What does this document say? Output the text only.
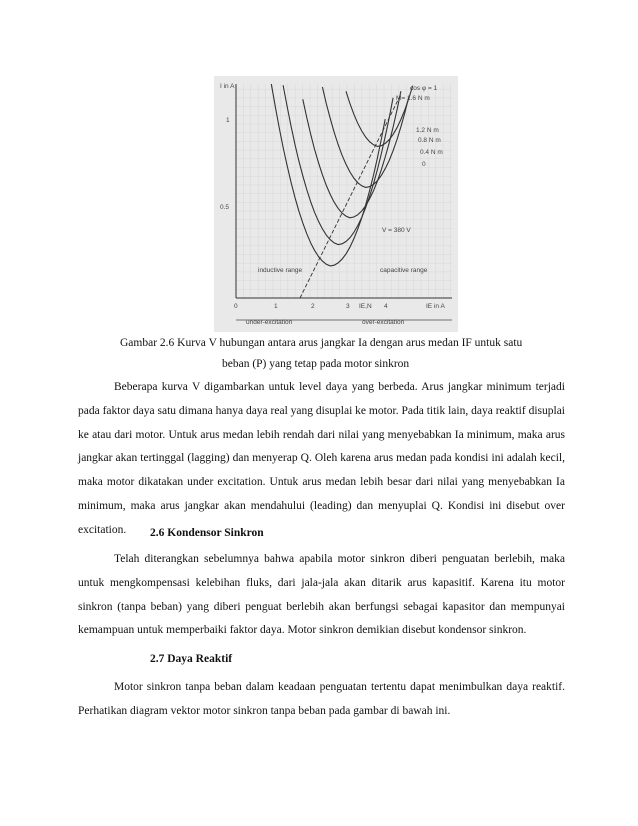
I in A
1
0.5
0	1	2	3 IE,N 4	IE in A
cos φ = 1
M= 1.6 N m
1.2 N m
0.8 N m
0.4 N m
0
V = 380 V
inductive range	capacitive range
under-excitation	over-excitation
Gambar 2.6 Kurva V hubungan antara arus jangkar Ia dengan arus medan IF untuk satu
beban (P) yang tetap pada motor sinkron

Beberapa kurva V digambarkan untuk level daya yang berbeda. Arus jangkar minimum terjadi pada faktor daya satu dimana hanya daya real yang disuplai ke motor. Pada titik lain, daya reaktif disuplai ke atau dari motor. Untuk arus medan lebih rendah dari nilai yang menyebabkan Ia minimum, maka arus jangkar akan tertinggal (lagging) dan menyerap Q. Oleh karena arus medan pada kondisi ini adalah kecil, maka motor dikatakan under excitation. Untuk arus medan lebih besar dari nilai yang menyebabkan Ia minimum, maka arus jangkar akan mendahului (leading) dan menyuplai Q. Kondisi ini disebut over excitation.	2.6 Kondensor Sinkron

Telah diterangkan sebelumnya bahwa apabila motor sinkron diberi penguatan berlebih, maka untuk mengkompensasi kelebihan fluks, dari jala-jala akan ditarik arus kapasitif. Karena itu motor sinkron (tanpa beban) yang diberi penguat berlebih akan berfungsi sebagai kapasitor dan mempunyai kemampuan untuk memperbaiki faktor daya. Motor sinkron demikian disebut kondensor sinkron.

2.7 Daya Reaktif

Motor sinkron tanpa beban dalam keadaan penguatan tertentu dapat menimbulkan daya reaktif. Perhatikan diagram vektor motor sinkron tanpa beban pada gambar di bawah ini.
